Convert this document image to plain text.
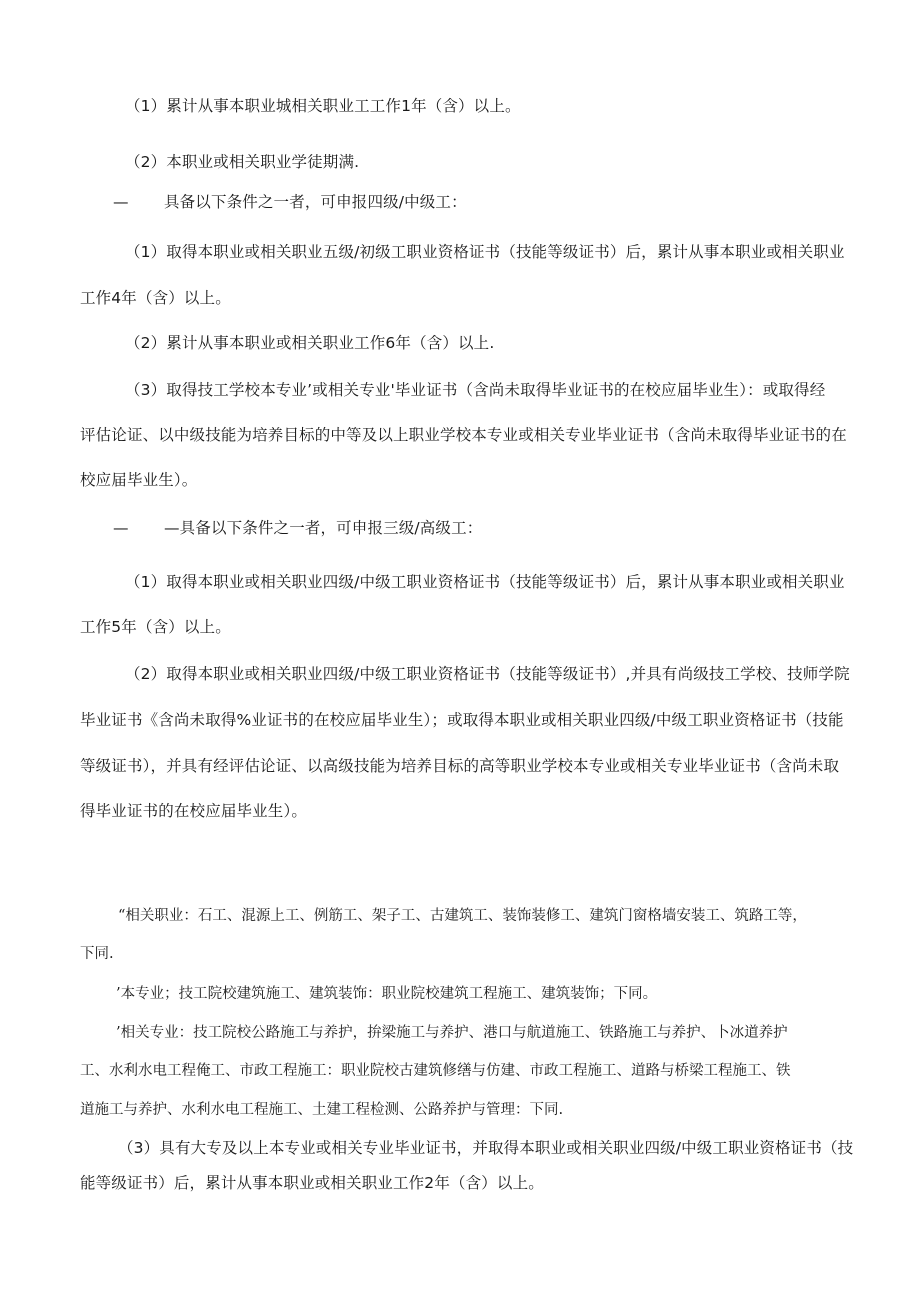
（1）累计从事本职业城相关职业工工作1年（含）以上。
（2）本职业或相关职业学徒期满.
— 具备以下条件之一者，可申报四级/中级工：
（1）取得本职业或相关职业五级/初级工职业资格证书（技能等级证书）后，累计从事本职业或相关职业
工作4年（含）以上。
（2）累计从事本职业或相关职业工作6年（含）以上.
（3）取得技工学校本专业’或相关专业'毕业证书（含尚未取得毕业证书的在校应届毕业生）：或取得经
评估论证、以中级技能为培养目标的中等及以上职业学校本专业或相关专业毕业证书（含尚未取得毕业证书的在
校应届毕业生）。
— —具备以下条件之一者，可申报三级/高级工：
（1）取得本职业或相关职业四级/中级工职业资格证书（技能等级证书）后，累计从事本职业或相关职业
工作5年（含）以上。
（2）取得本职业或相关职业四级/中级工职业资格证书（技能等级证书）,并具有尚级技工学校、技师学院
毕业证书《含尚未取得%业证书的在校应届毕业生）；或取得本职业或相关职业四级/中级工职业资格证书（技能
等级证书），并具有经评估论证、以高级技能为培养目标的高等职业学校本专业或相关专业毕业证书（含尚未取
得毕业证书的在校应届毕业生）。
“相关职业：石工、混源上工、例筋工、架子工、古建筑工、装饰装修工、建筑门窗格墙安装工、筑路工等，
下同.
’本专业；技工院校建筑施工、建筑装饰：职业院校建筑工程施工、建筑装饰；下同。
’相关专业：技工院校公路施工与养护，拚梁施工与养护、港口与航道施工、铁路施工与养护、卜冰道养护
工、水利水电工程俺工、市政工程施工：职业院校古建筑修缮与仿建、市政工程施工、道路与桥梁工程施工、铁
道施工与养护、水利水电工程施工、土建工程检测、公路养护与管理：下同.
（3）具有大专及以上本专业或相关专业毕业证书，并取得本职业或相关职业四级/中级工职业资格证书（技
能等级证书）后，累计从事本职业或相关职业工作2年（含）以上。
